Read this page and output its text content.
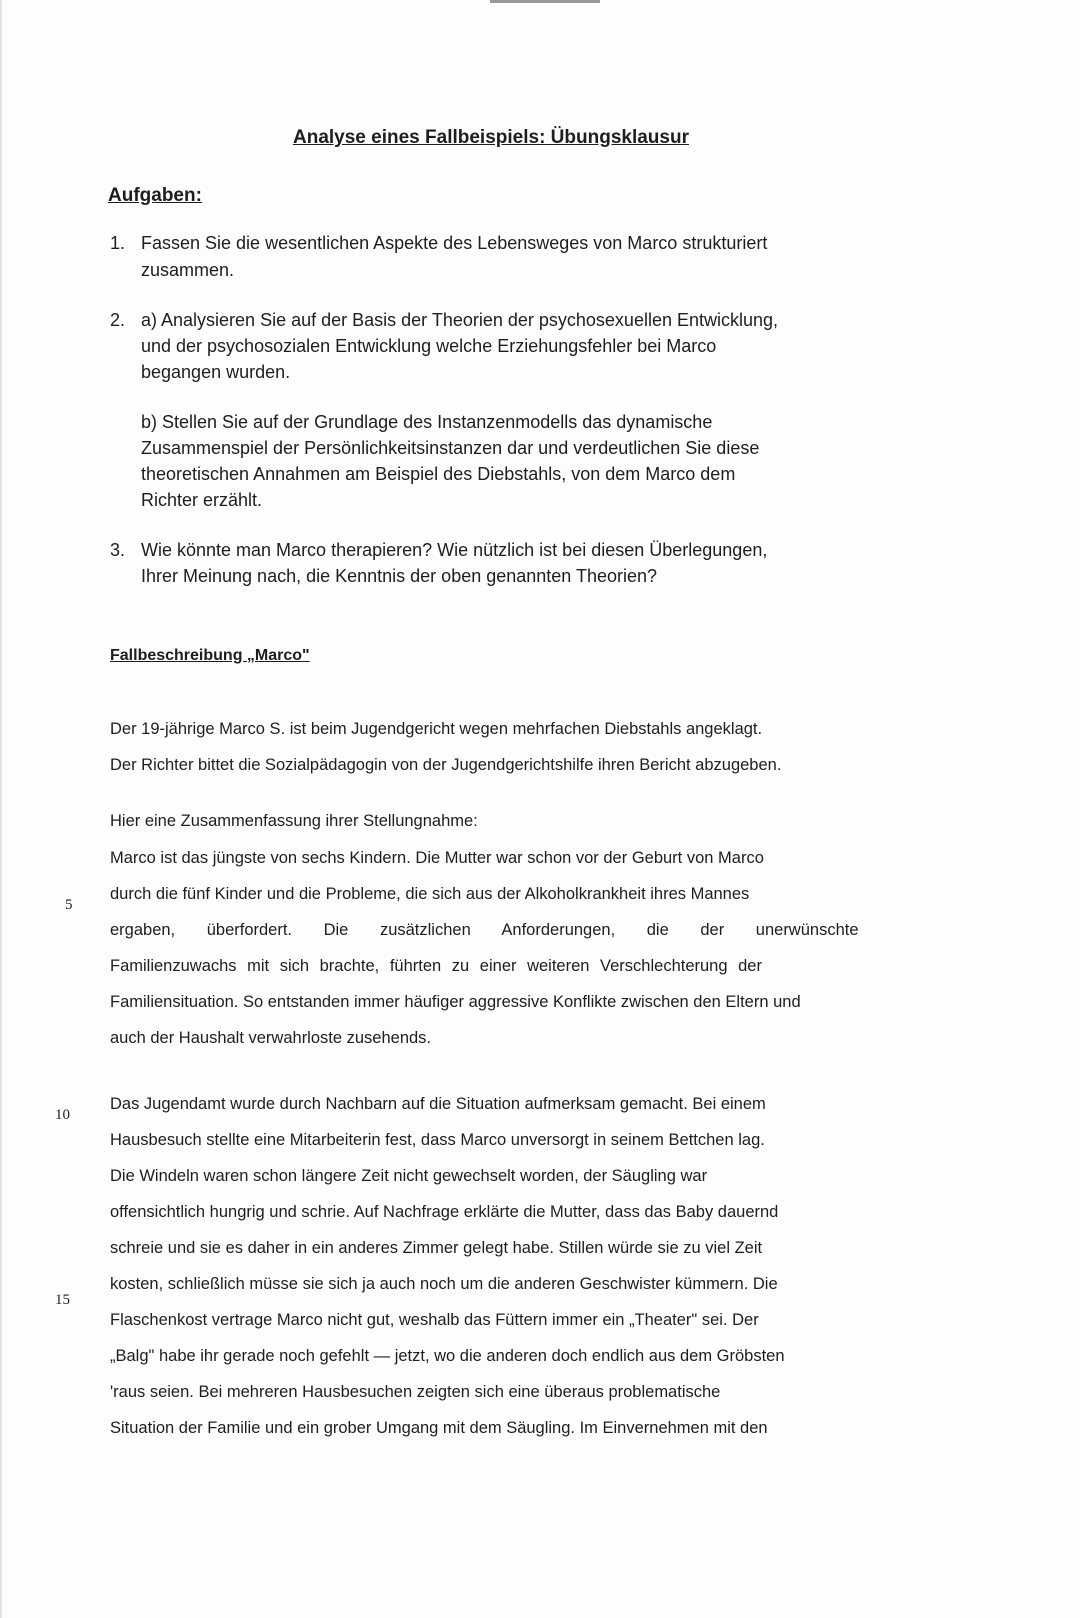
Analyse eines Fallbeispiels: Übungsklausur
Aufgaben:
1. Fassen Sie die wesentlichen Aspekte des Lebensweges von Marco strukturiert
zusammen.
2. a) Analysieren Sie auf der Basis der Theorien der psychosexuellen Entwicklung,
und der psychosozialen Entwicklung welche Erziehungsfehler bei Marco
begangen wurden.
b) Stellen Sie auf der Grundlage des Instanzenmodells das dynamische
Zusammenspiel der Persönlichkeitsinstanzen dar und verdeutlichen Sie diese
theoretischen Annahmen am Beispiel des Diebstahls, von dem Marco dem
Richter erzählt.
3. Wie könnte man Marco therapieren? Wie nützlich ist bei diesen Überlegungen,
Ihrer Meinung nach, die Kenntnis der oben genannten Theorien?
Fallbeschreibung „Marco"
Der 19-jährige Marco S. ist beim Jugendgericht wegen mehrfachen Diebstahls angeklagt.
Der Richter bittet die Sozialpädagogin von der Jugendgerichtshilfe ihren Bericht abzugeben.
Hier eine Zusammenfassung ihrer Stellungnahme:
Marco ist das jüngste von sechs Kindern. Die Mutter war schon vor der Geburt von Marco
durch die fünf Kinder und die Probleme, die sich aus der Alkoholkrankheit ihres Mannes
ergaben, überfordert. Die zusätzlichen Anforderungen, die der unerwünschte
Familienzuwachs mit sich brachte, führten zu einer weiteren Verschlechterung der
Familiensituation. So entstanden immer häufiger aggressive Konflikte zwischen den Eltern und
auch der Haushalt verwahrloste zusehends.
Das Jugendamt wurde durch Nachbarn auf die Situation aufmerksam gemacht. Bei einem
Hausbesuch stellte eine Mitarbeiterin fest, dass Marco unversorgt in seinem Bettchen lag.
Die Windeln waren schon längere Zeit nicht gewechselt worden, der Säugling war
offensichtlich hungrig und schrie. Auf Nachfrage erklärte die Mutter, dass das Baby dauernd
schreie und sie es daher in ein anderes Zimmer gelegt habe. Stillen würde sie zu viel Zeit
kosten, schließlich müsse sie sich ja auch noch um die anderen Geschwister kümmern. Die
Flaschenkost vertrage Marco nicht gut, weshalb das Füttern immer ein „Theater" sei. Der
„Balg" habe ihr gerade noch gefehlt — jetzt, wo die anderen doch endlich aus dem Gröbsten
'raus seien. Bei mehreren Hausbesuchen zeigten sich eine überaus problematische
Situation der Familie und ein grober Umgang mit dem Säugling. Im Einvernehmen mit den
5
10
15
